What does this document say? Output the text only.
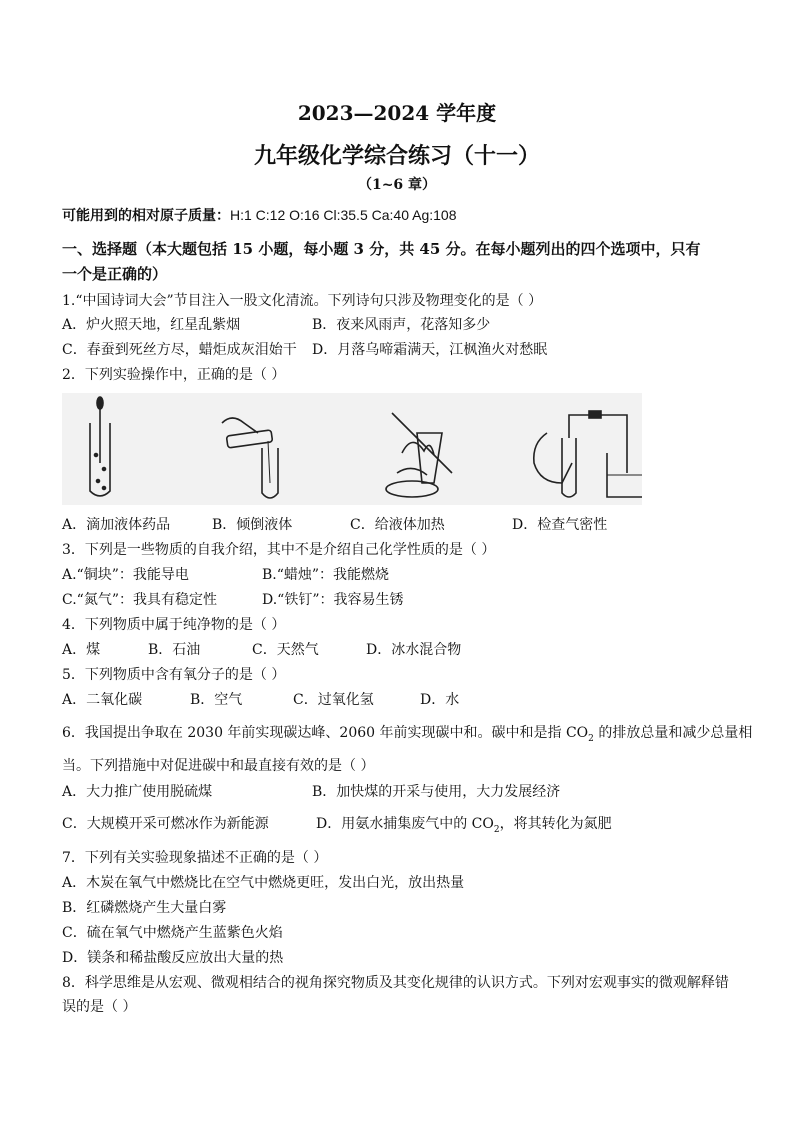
2023—2024 学年度
九年级化学综合练习（十一）
（1~6 章）
可能用到的相对原子质量：H:1 C:12 O:16 Cl:35.5 Ca:40 Ag:108
一、选择题（本大题包括 15 小题，每小题 3 分，共 45 分。在每小题列出的四个选项中，只有
一个是正确的）
1.“中国诗词大会”节目注入一股文化清流。下列诗句只涉及物理变化的是（ ）
A．炉火照天地，红星乱紫烟	B．夜来风雨声，花落知多少
C．春蚕到死丝方尽，蜡炬成灰泪始干 D．月落乌啼霜满天，江枫渔火对愁眠
2．下列实验操作中，正确的是（ ）
A．滴加液体药品	B．倾倒液体	C．给液体加热	D．检查气密性
3．下列是一些物质的自我介绍，其中不是介绍自己化学性质的是（ ）
A.“铜块”：我能导电	B.“蜡烛”：我能燃烧
C.“氮气”：我具有稳定性	D.“铁钉”：我容易生锈
4．下列物质中属于纯净物的是（ ）
A．煤	B．石油	C．天然气	D．冰水混合物
5．下列物质中含有氧分子的是（ ）
A．二氧化碳	B．空气	C．过氧化氢	D．水
6．我国提出争取在 2030 年前实现碳达峰、2060 年前实现碳中和。碳中和是指 $CO_2$ 的排放总量和减少总量相
当。下列措施中对促进碳中和最直接有效的是（ ）
A．大力推广使用脱硫煤	B．加快煤的开采与使用，大力发展经济
C．大规模开采可燃冰作为新能源	D．用氨水捕集废气中的 $CO_2$，将其转化为氮肥
7．下列有关实验现象描述不正确的是（ ）
A．木炭在氧气中燃烧比在空气中燃烧更旺，发出白光，放出热量
B．红磷燃烧产生大量白雾
C．硫在氧气中燃烧产生蓝紫色火焰
D．镁条和稀盐酸反应放出大量的热
8．科学思维是从宏观、微观相结合的视角探究物质及其变化规律的认识方式。下列对宏观事实的微观解释错
误的是（ ）
